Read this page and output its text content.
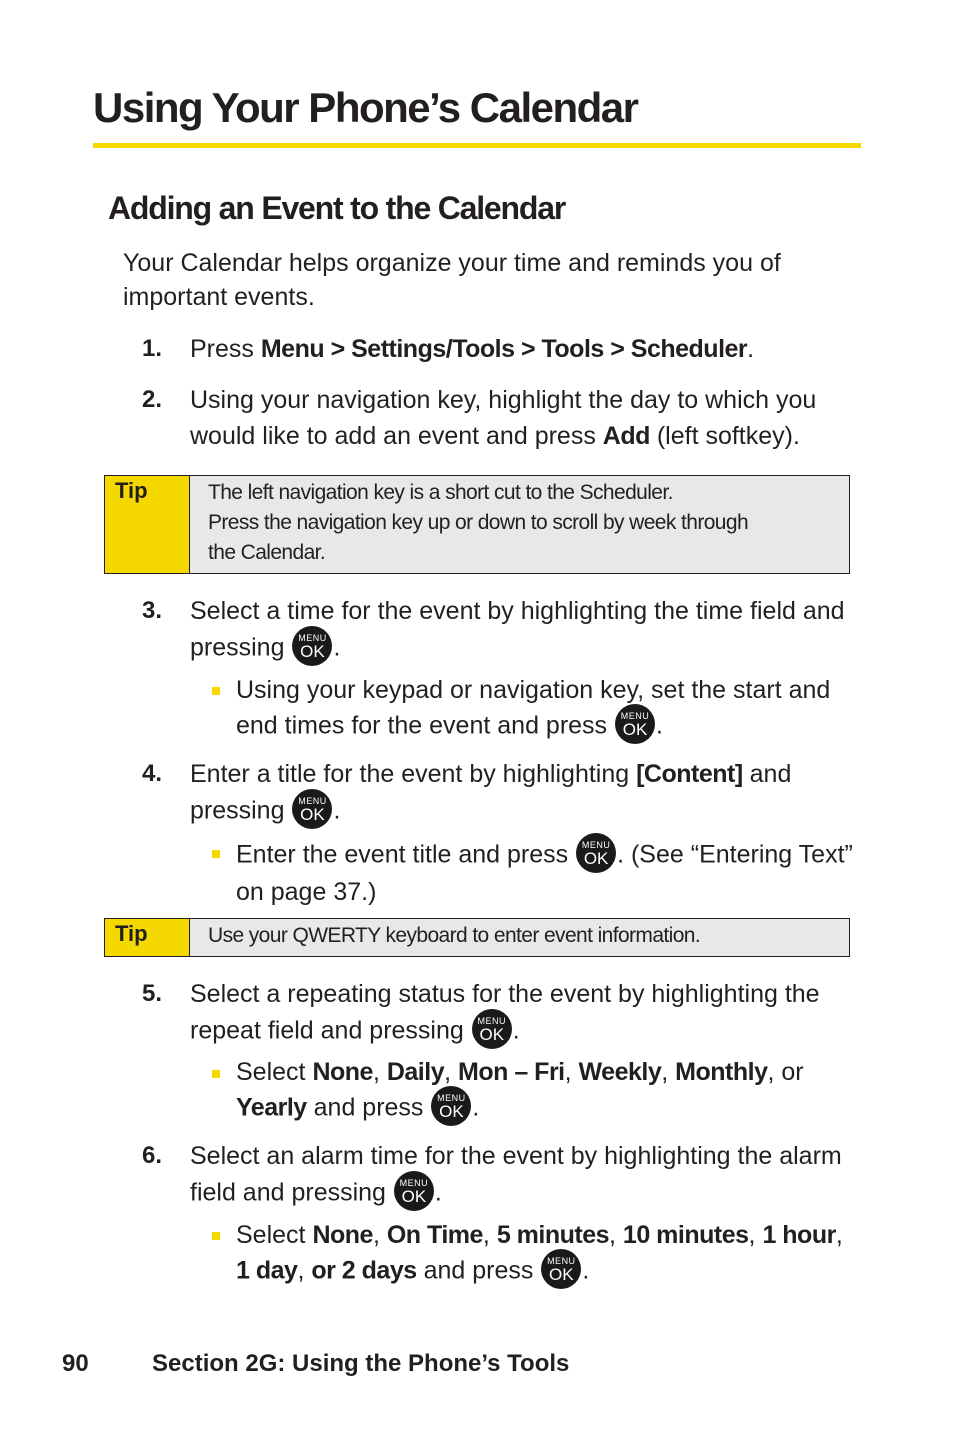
Using Your Phone’s Calendar
Adding an Event to the Calendar

Your Calendar helps organize your time and reminds you of important events.

1. Press Menu > Settings/Tools > Tools > Scheduler.
2. Using your navigation key, highlight the day to which you would like to add an event and press Add (left softkey).
Tip	The left navigation key is a short cut to the Scheduler.
Press the navigation key up or down to scroll by week through
the Calendar.
3. Select a time for the event by highlighting the time field and pressing MENU
OK .
Using your keypad or navigation key, set the start and end times for the event and press MENU
OK .
4. Enter a title for the event by highlighting [Content] and pressing MENU
OK .
Enter the event title and press MENU
OK . (See “Entering Text” on page 37.)
Tip	Use your QWERTY keyboard to enter event information.
5. Select a repeating status for the event by highlighting the repeat field and pressing MENU
OK .
Select None, Daily, Mon – Fri, Weekly, Monthly, or Yearly and press MENU
OK .
6. Select an alarm time for the event by highlighting the alarm field and pressing MENU
OK .
Select None, On Time, 5 minutes, 10 minutes, 1 hour, 1 day, or 2 days and press MENU
OK .
90	Section 2G: Using the Phone’s Tools
